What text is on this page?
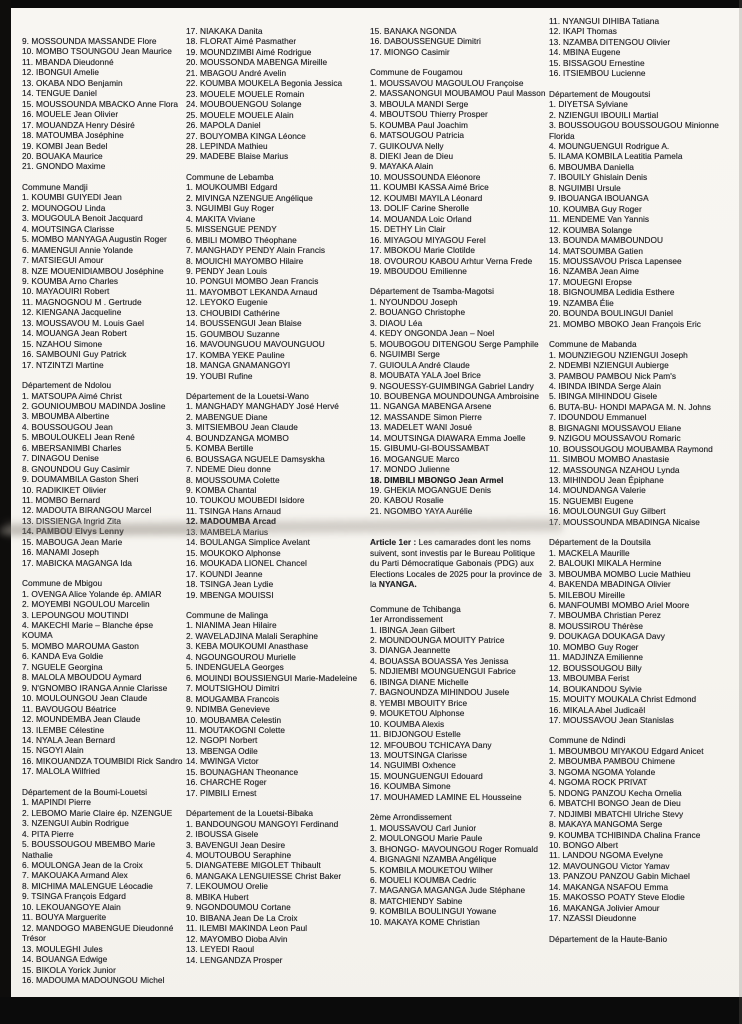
9. MOSSOUNDA MASSANDE Flore
10. MOMBO TSOUNGOU Jean Maurice
11. MBANDA Dieudonné
12. IBONGUI Amelie
13. OKABA NDO Benjamin
14. TENGUE Daniel
15. MOUSSOUNDA MBACKO Anne Flora
16. MOUELE Jean Olivier
17. MOUANDZA Henry Désiré
18. MATOUMBA Joséphine
19. KOMBI Jean Bedel
20. BOUAKA Maurice
21. GNONDO Maxime
Commune Mandji
1. KOUMBI GUIYEDI Jean
2. MOUNOGOU Linda
3. MOUGOULA Benoit Jacquard
4. MOUTSINGA Clarisse
5. MOMBO MANYAGA Augustin Roger
6. MAMENGUI Annie Yolande
7. MATSIEGUI Amour
8. NZE MOUENIDIAMBOU Joséphine
9. KOUMBA Arno Charles
10. MAYAOUIRI Robert
11. MAGNOGNOU M . Gertrude
12. KIENGANA Jacqueline
13. MOUSSAVOU M. Louis Gael
14. MOUANGA Jean Robert
15. NZAHOU Simone
16. SAMBOUNI Guy Patrick
17. NTZINTZI Martine
Département de Ndolou
1. MATSOUPA Aimé Christ
2. GOUNIOUMBOU MADINDA Josline
3. MBOUMBA Albertine
4. BOUSSOUGOU Jean
5. MBOULOUKELI Jean René
6. MBERSANIMBI Charles
7. DINAGOU Denise
8. GNOUNDOU Guy Casimir
9. DOUMAMBILA Gaston Sheri
10. RADIKIKET Olivier
11. MOMBO Bernard
12. MADOUTA BIRANGOU Marcel
13. DISSIENGA Ingrid Zita
14. PAMBOU Elvys Lenny
15. MABOUGA Jean Marie
16. MANAMI Joseph
17. MABICKA MAGANGA Ida
Commune de Mbigou
1. OVENGA Alice Yolande ép. AMIAR
2. MOYEMBI NGOULOU Marcelin
3. LEPOUNGOU MOUTINDI
4. MAKECHI Marie – Blanche épse KOUMA
5. MOMBO MAROUMA Gaston
6. KANDA Eva Goldie
7. NGUELE Georgina
8. MALOLA MBOUDOU Aymard
9. N'GNOMBO IRANGA Annie Clarisse
10. MOULOUNGOU Jean Claude
11. BAVOUGOU Béatrice
12. MOUNDEMBA Jean Claude
13. ILEMBE Célestine
14. NYALA Jean Bernard
15. NGOYI Alain
16. MIKOUANDZA TOUMBIDI Rick Sandro
17. MALOLA Wilfried
Département de la Boumi-Louetsi
1. MAPINDI Pierre
2. LEBOMO Marie Claire ép. NZENGUE
3. NZENGUI Aubin Rodrigue
4. PITA Pierre
5. BOUSSOUGOU MBEMBO Marie Nathalie
6. MOULONGA Jean de la Croix
7. MAKOUAKA Armand Alex
8. MICHIMA MALENGUE Léocadie
9. TSINGA François Edgard
10. LEKOUANGOYE Alain
11. BOUYA Marguerite
12. MANDOGO MABENGUE Dieudonné Trésor
13. MOULEGHI Jules
14. BOUANGA Edwige
15. BIKOLA Yorick Junior
16. MADOUMA MADOUNGOU Michel
17. NIAKAKA Danita
18. FLORAT Aimé Pasmather
19. MOUNDZIMBI Aimé Rodrigue
20. MOUSSONDA MABENGA Mireille
21. MBAGOU André Avelin
22. KOUMBA MOUKELA Begonia Jessica
23. MOUELE MOUELE Romain
24. MOUBOUENGOU Solange
25. MOUELE MOUELE Alain
26. MAPOLA Daniel
27. BOUYOMBA KINGA Léonce
28. LEPINDA Mathieu
29. MADEBE Blaise Marius
Commune de Lebamba
1. MOUKOUMBI Edgard
2. MIVINGA NZENGUE Angélique
3. NGUIMBI Guy Roger
4. MAKITA Viviane
5. MISSENGUE PENDY
6. MBILI MOMBO Théophane
7. MANGHADY PENDY Alain Francis
8. MOUICHI MAYOMBO Hilaire
9. PENDY Jean Louis
10. PONGUI MOMBO Jean Francis
11. MAYOMBOT LEKANDA Arnaud
12. LEYOKO Eugenie
13. CHOUBIDI Cathérine
14. BOUSSENGUI Jean Blaise
15. GOUMBOU Suzanne
16. MAVOUNGUOU MAVOUNGUOU
17. KOMBA YEKE Pauline
18. MANGA GNAMANGOYI
19. YOUBI Rufine
Département de la Louetsi-Wano
1. MANGHADY MANGHADY José Hervé
2. MABENGUE Diane
3. MITSIEMBOU Jean Claude
4. BOUNDZANGA MOMBO
5. KOMBA Bertille
6. BOUSSAGA NGUELE Damsyskha
7. NDEME Dieu donne
8. MOUSSOUMA Colette
9. KOMBA Chantal
10. TOUKOU MOUBEDI Isidore
11. TSINGA Hans Arnaud
12. MADOUMBA Arcad
13. MAMBELA Marius
14. BOULANGA Simplice Avelant
15. MOUKOKO Alphonse
16. MOUKADA LIONEL Chancel
17. KOUNDI Jeanne
18. TSINGA Jean Lydie
19. MBENGA MOUISSI
Commune de Malinga
1. NIANIMA Jean Hilaire
2. WAVELADJINA Malali Seraphine
3. KEBA MOUKOUMI Anasthase
4. NGOUNGOUROU Murielle
5. INDENGUELA Georges
6. MOUINDI BOUSSIENGUI Marie-Madeleine
7. MOUTSIGHOU Dimitri
8. MOUGAMBA Francois
9. NDIMBA Genevieve
10. MOUBAMBA Celestin
11. MOUTAKOGNI Colette
12. NGOPI Norbert
13. MBENGA Odile
14. MWINGA Victor
15. BOUNAGHAN Theonance
16. CHARCHE Roger
17. PIMBILI Ernest
Département de la Louetsi-Bibaka
1. BANDOUNGOU MANGOYI Ferdinand
2. IBOUSSA Gisele
3. BAVENGUI Jean Desire
4. MOUTOUBOU Seraphine
5. DIANGATEBE MIGOLET Thibault
6. MANGAKA LENGUIESSE Christ Baker
7. LEKOUMOU Orelie
8. MBIKA Hubert
9. NGONDOUMOU Cortane
10. BIBANA Jean De La Croix
11. ILEMBI MAKINDA Leon Paul
12. MAYOMBO Dioba Alvin
13. LEYEDI Raoul
14. LENGANDZA Prosper
15. BANAKA NGONDA
16. DABOUSSENGUE Dimitri
17. MIONGO Casimir
Commune de Fougamou
1. MOUSSAVOU MAGOULOU Françoise
2. MASSANONGUI MOUBAMOU Paul Masson
3. MBOULA MANDI Serge
4. MBOUTSOU Thierry Prosper
5. KOUMBA Paul Joachim
6. MATSOUGOU Patricia
7. GUIKOUVA Nelly
8. DIEKI Jean de Dieu
9. MAYAKA Alain
10. MOUSSOUNDA Eléonore
11. KOUMBI KASSA Aimé Brice
12. KOUMBI MAYILA Léonard
13. DOLIF Carine Sherolle
14. MOUANDA Loic Orland
15. DETHY Lin Clair
16. MIYAGOU MIYAGOU Ferel
17. MBOKOU Marie Clotilde
18. OVOUROU KABOU Arhtur Verna Frede
19. MBOUDOU Emilienne
Département de Tsamba-Magotsi
1. NYOUNDOU Joseph
2. BOUANGO Christophe
3. DIAOU Léa
4. KEDY ONGONDA Jean – Noel
5. MOUBOGOU DITENGOU Serge Pamphile
6. NGUIMBI Serge
7. GUIOULA André Claude
8. MOUBATA YALA Joel Brice
9. NGOUESSY-GUIMBINGA Gabriel Landry
10. BOUBENGA MOUNDOUNGA Ambroisine
11. NGANGA MABENGA Arsene
12. MASSANDE Simon Pierre
13. MADELET WANI Josué
14. MOUTSINGA DIAWARA Emma Joelle
15. GIBUMU-GI-BOUSSAMBAT
16. MOGANGUE Marco
17. MONDO Julienne
18. DIMBILI MBONGO Jean Armel
19. GHEKIA MOGANGUE Denis
20. KABOU Rosalie
21. NGOMBO YAYA Aurélie
Article 1er : Les camarades dont les noms suivent, sont investis par le Bureau Politique du Parti Démocratique Gabonais (PDG) aux Elections Locales de 2025 pour la province de la NYANGA.
Commune de Tchibanga
1er Arrondissement
1. IBINGA Jean Gilbert
2. MOUNDOUNGA MOUITY Patrice
3. DIANGA Jeannette
4. BOUASSA BOUASSA Yes Jenissa
5. NDJIEMBI MOUNGUENGUI Fabrice
6. IBINGA DIANE Michelle
7. BAGNOUNDZA MIHINDOU Jusele
8. YEMBI MBOUITY Brice
9. MOUKETOU Alphonse
10. KOUMBA Alexis
11. BIDJONGOU Estelle
12. MFOUBOU TCHICAYA Dany
13. MOUTSINGA Clarisse
14. NGUIMBI Oxhence
15. MOUNGUENGUI Edouard
16. KOUMBA Simone
17. MOUHAMED LAMINE EL Housseine
2ème Arrondissement
1. MOUSSAVOU Carl Junior
2. MOULONGOU Marie Paule
3. BHONGO- MAVOUNGOU Roger Romuald
4. BIGNAGNI NZAMBA Angélique
5. KOMBILA MOUKETOU Wilher
6. MOUELI KOUMBA Cedric
7. MAGANGA MAGANGA Jude Stéphane
8. MATCHIENDY Sabine
9. KOMBILA BOULINGUI Yowane
10. MAKAYA KOME Christian
11. NYANGUI DIHIBA Tatiana
12. IKAPI Thomas
13. NZAMBA DITENGOU Olivier
14. MBINA Eugene
15. BISSAGOU Ernestine
16. ITSIEMBOU Lucienne
Département de Mougoutsi
1. DIYETSA Sylviane
2. NZIENGUI IBOUILI Martial
3. BOUSSOUGOU BOUSSOUGOU Minionne Florida
4. MOUNGUENGUI Rodrigue A.
5. ILAMA KOMBILA Leatitia Pamela
6. MBOUMBA Daniella
7. IBOUILY Ghislain Denis
8. NGUIMBI Ursule
9. IBOUANGA IBOUANGA
10. KOUMBA Guy Roger
11. MENDEME Van Yannis
12. KOUMBA Solange
13. BOUNDA MAMBOUNDOU
14. MATSOUMBA Gatien
15. MOUSSAVOU Prisca Lapensee
16. NZAMBA Jean Aime
17. MOUEGNI Eropse
18. BIGNOUMBA Ledidia Esthere
19. NZAMBA Élie
20. BOUNDA BOULINGUI Daniel
21. MOMBO MBOKO Jean François Eric
Commune de Mabanda
1. MOUNZIEGOU NZIENGUI Joseph
2. NDEMBI NZIENGUI Aubierge
3. PAMBOU PAMBOU Nick Pam's
4. IBINDA IBINDA Serge Alain
5. IBINGA MIHINDOU Gisele
6. BUTA-BU- HONDI MAPAGA M. N. Johns
7. IDOUNDOU Emmanuel
8. BIGNAGNI MOUSSAVOU Eliane
9. NZIGOU MOUSSAVOU Romaric
10. BOUSSOUGOU MOUBAMBA Raymond
11. SIMBOU MOMBO Anastasie
12. MASSOUNGA NZAHOU Lynda
13. MIHINDOU Jean Épiphane
14. MOUNDANGA Valerie
15. NGUEMBI Eugene
16. MOULOUNGUI Guy Gilbert
17. MOUSSOUNDA MBADINGA Nicaise
Département de la Doutsila
1. MACKELA Maurille
2. BALOUKI MIKALA Hermine
3. MBOUMBA MOMBO Lucie Mathieu
4. BAKENDA MBADINGA Olivier
5. MILEBOU Mireille
6. MANFOUMBI MOMBO Ariel Moore
7. MBOUMBA Christian Perez
8. MOUSSIROU Thérèse
9. DOUKAGA DOUKAGA Davy
10. MOMBO Guy Roger
11. MADJINZA Emilienne
12. BOUSSOUGOU Billy
13. MBOUMBA Ferist
14. BOUKANDOU Sylvie
15. MOUITY MOUKALA Christ Edmond
16. MIKALA Abel Judicaël
17. MOUSSAVOU Jean Stanislas
Commune de Ndindi
1. MBOUMBOU MIYAKOU Edgard Anicet
2. MBOUMBA PAMBOU Chimene
3. NGOMA NGOMA Yolande
4. NGOMA ROCK PRIVAT
5. NDONG PANZOU Kecha Ornelia
6. MBATCHI BONGO Jean de Dieu
7. NDJIMBI MBATCHI Ulriche Stevy
8. MAKAYA MANGOMA Serge
9. KOUMBA TCHIBINDA Chalina France
10. BONGO Albert
11. LANDOU NGOMA Evelyne
12. MAVOUNGOU Victor Yamav
13. PANZOU PANZOU Gabin Michael
14. MAKANGA NSAFOU Emma
15. MAKOSSO POATY Steve Elodie
16. MAKANGA Jolivier Amour
17. NZASSI Dieudonne
Département de la Haute-Banio
